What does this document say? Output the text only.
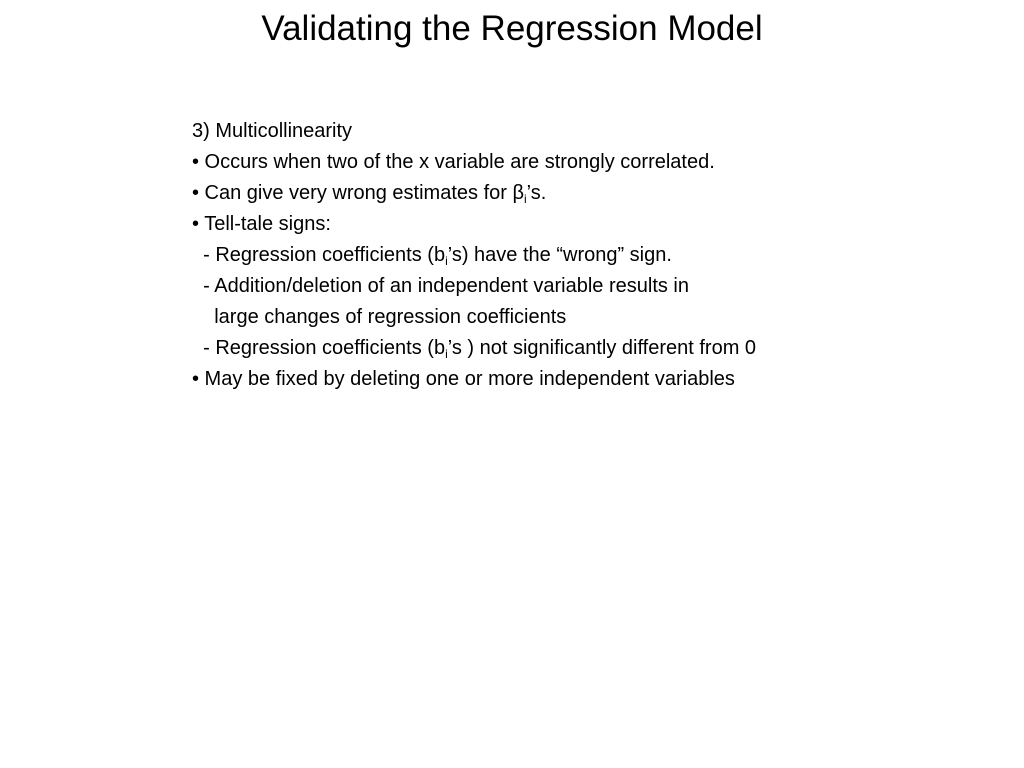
Validating the Regression Model
3) Multicollinearity
• Occurs when two of the x variable are strongly correlated.
• Can give very wrong estimates for $\beta_i’s$.
• Tell-tale signs:
- Regression coefficients $(b_i’s)$ have the “wrong” sign.
- Addition/deletion of an independent variable results in
large changes of regression coefficients
- Regression coefficients ($b_i’s$ ) not significantly different from 0
• May be fixed by deleting one or more independent variables
